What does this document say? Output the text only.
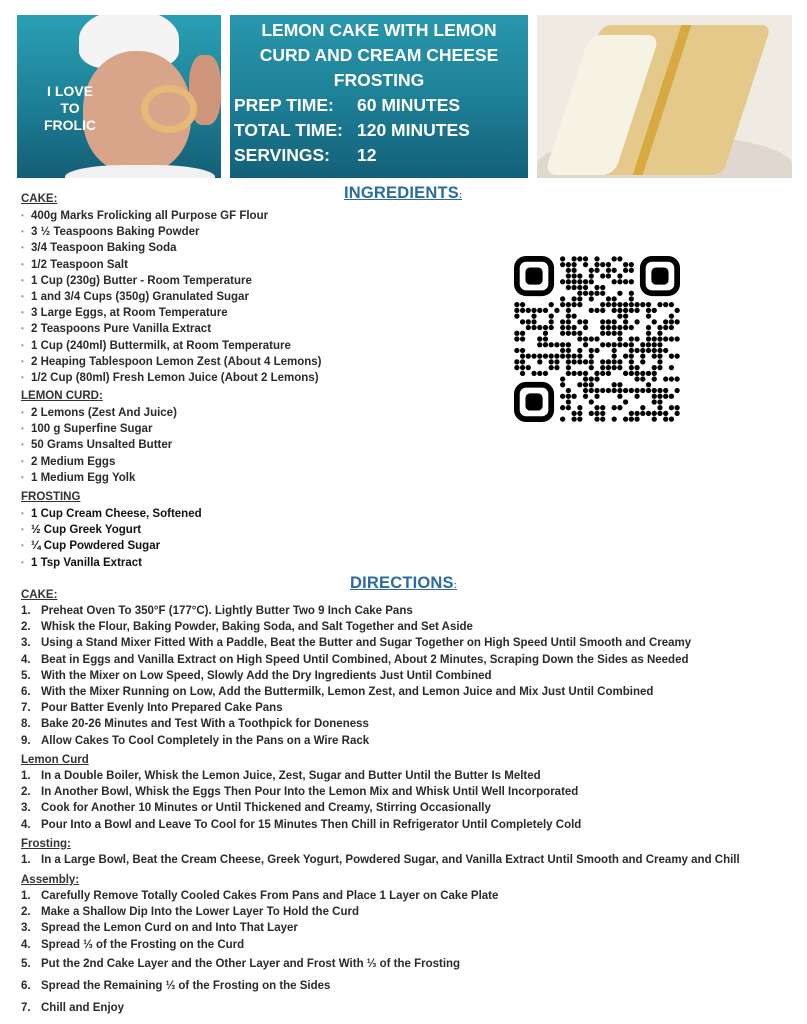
I LOVE TO FROLIC
LEMON CAKE WITH LEMON CURD AND CREAM CHEESE FROSTING
PREP TIME:	60 MINUTES
TOTAL TIME: 120 MINUTES
SERVINGS:	12
INGREDIENTS:
CAKE:
• 400g Marks Frolicking all Purpose GF Flour
• 3 ½ Teaspoons Baking Powder
• 3/4 Teaspoon Baking Soda
• 1/2 Teaspoon Salt
• 1 Cup (230g) Butter - Room Temperature
• 1 and 3/4 Cups (350g) Granulated Sugar
• 3 Large Eggs, at Room Temperature
• 2 Teaspoons Pure Vanilla Extract
• 1 Cup (240ml) Buttermilk, at Room Temperature
• 2 Heaping Tablespoon Lemon Zest (About 4 Lemons)
• 1/2 Cup (80ml) Fresh Lemon Juice (About 2 Lemons)
LEMON CURD:
• 2 Lemons (Zest And Juice)
• 100 g Superfine Sugar
• 50 Grams Unsalted Butter
• 2 Medium Eggs
• 1 Medium Egg Yolk
FROSTING
• 1 Cup Cream Cheese, Softened
• ½ Cup Greek Yogurt
• ¼ Cup Powdered Sugar
• 1 Tsp Vanilla Extract
DIRECTIONS:
CAKE:
1. Preheat Oven To 350°F (177°C). Lightly Butter Two 9 Inch Cake Pans
2. Whisk the Flour, Baking Powder, Baking Soda, and Salt Together and Set Aside
3. Using a Stand Mixer Fitted With a Paddle, Beat the Butter and Sugar Together on High Speed Until Smooth and Creamy
4. Beat in Eggs and Vanilla Extract on High Speed Until Combined, About 2 Minutes, Scraping Down the Sides as Needed
5. With the Mixer on Low Speed, Slowly Add the Dry Ingredients Just Until Combined
6. With the Mixer Running on Low, Add the Buttermilk, Lemon Zest, and Lemon Juice and Mix Just Until Combined
7. Pour Batter Evenly Into Prepared Cake Pans
8. Bake 20-26 Minutes and Test With a Toothpick for Doneness
9. Allow Cakes To Cool Completely in the Pans on a Wire Rack
Lemon Curd
1. In a Double Boiler, Whisk the Lemon Juice, Zest, Sugar and Butter Until the Butter Is Melted
2. In Another Bowl, Whisk the Eggs Then Pour Into the Lemon Mix and Whisk Until Well Incorporated
3. Cook for Another 10 Minutes or Until Thickened and Creamy, Stirring Occasionally
4. Pour Into a Bowl and Leave To Cool for 15 Minutes Then Chill in Refrigerator Until Completely Cold
Frosting:
1. In a Large Bowl, Beat the Cream Cheese, Greek Yogurt, Powdered Sugar, and Vanilla Extract Until Smooth and Creamy and Chill
Assembly:
1. Carefully Remove Totally Cooled Cakes From Pans and Place 1 Layer on Cake Plate
2. Make a Shallow Dip Into the Lower Layer To Hold the Curd
3. Spread the Lemon Curd on and Into That Layer
4. Spread ⅓ of the Frosting on the Curd
5. Put the 2nd Cake Layer and the Other Layer and Frost With ⅓ of the Frosting
6. Spread the Remaining ⅓ of the Frosting on the Sides
7. Chill and Enjoy
